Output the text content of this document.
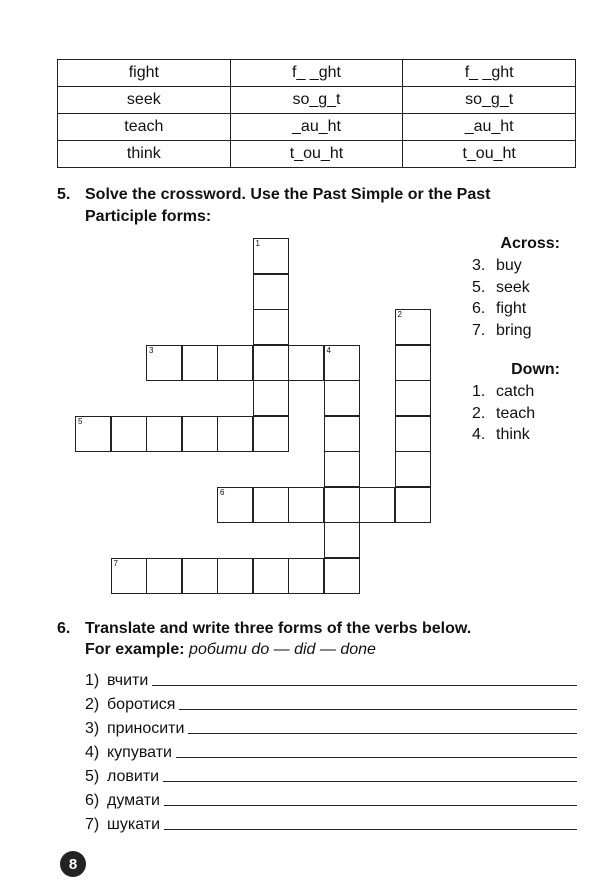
fight	f_ _ght	f_ _ght
seek	so_g_t	so_g_t
teach	_au_ht	_au_ht
think	t_ou_ht	t_ou_ht
5. Solve the crossword. Use the Past Simple or the Past
Participle forms:
1
2
3	4
5
6
7
Across:
3. buy
5. seek
6. fight
7. bring
Down:
1. catch
2. teach
4. think
6. Translate and write three forms of the verbs below.
For example: робити do — did — done
1) вчити
2) боротися
3) приносити
4) купувати
5) ловити
6) думати
7) шукати
8
